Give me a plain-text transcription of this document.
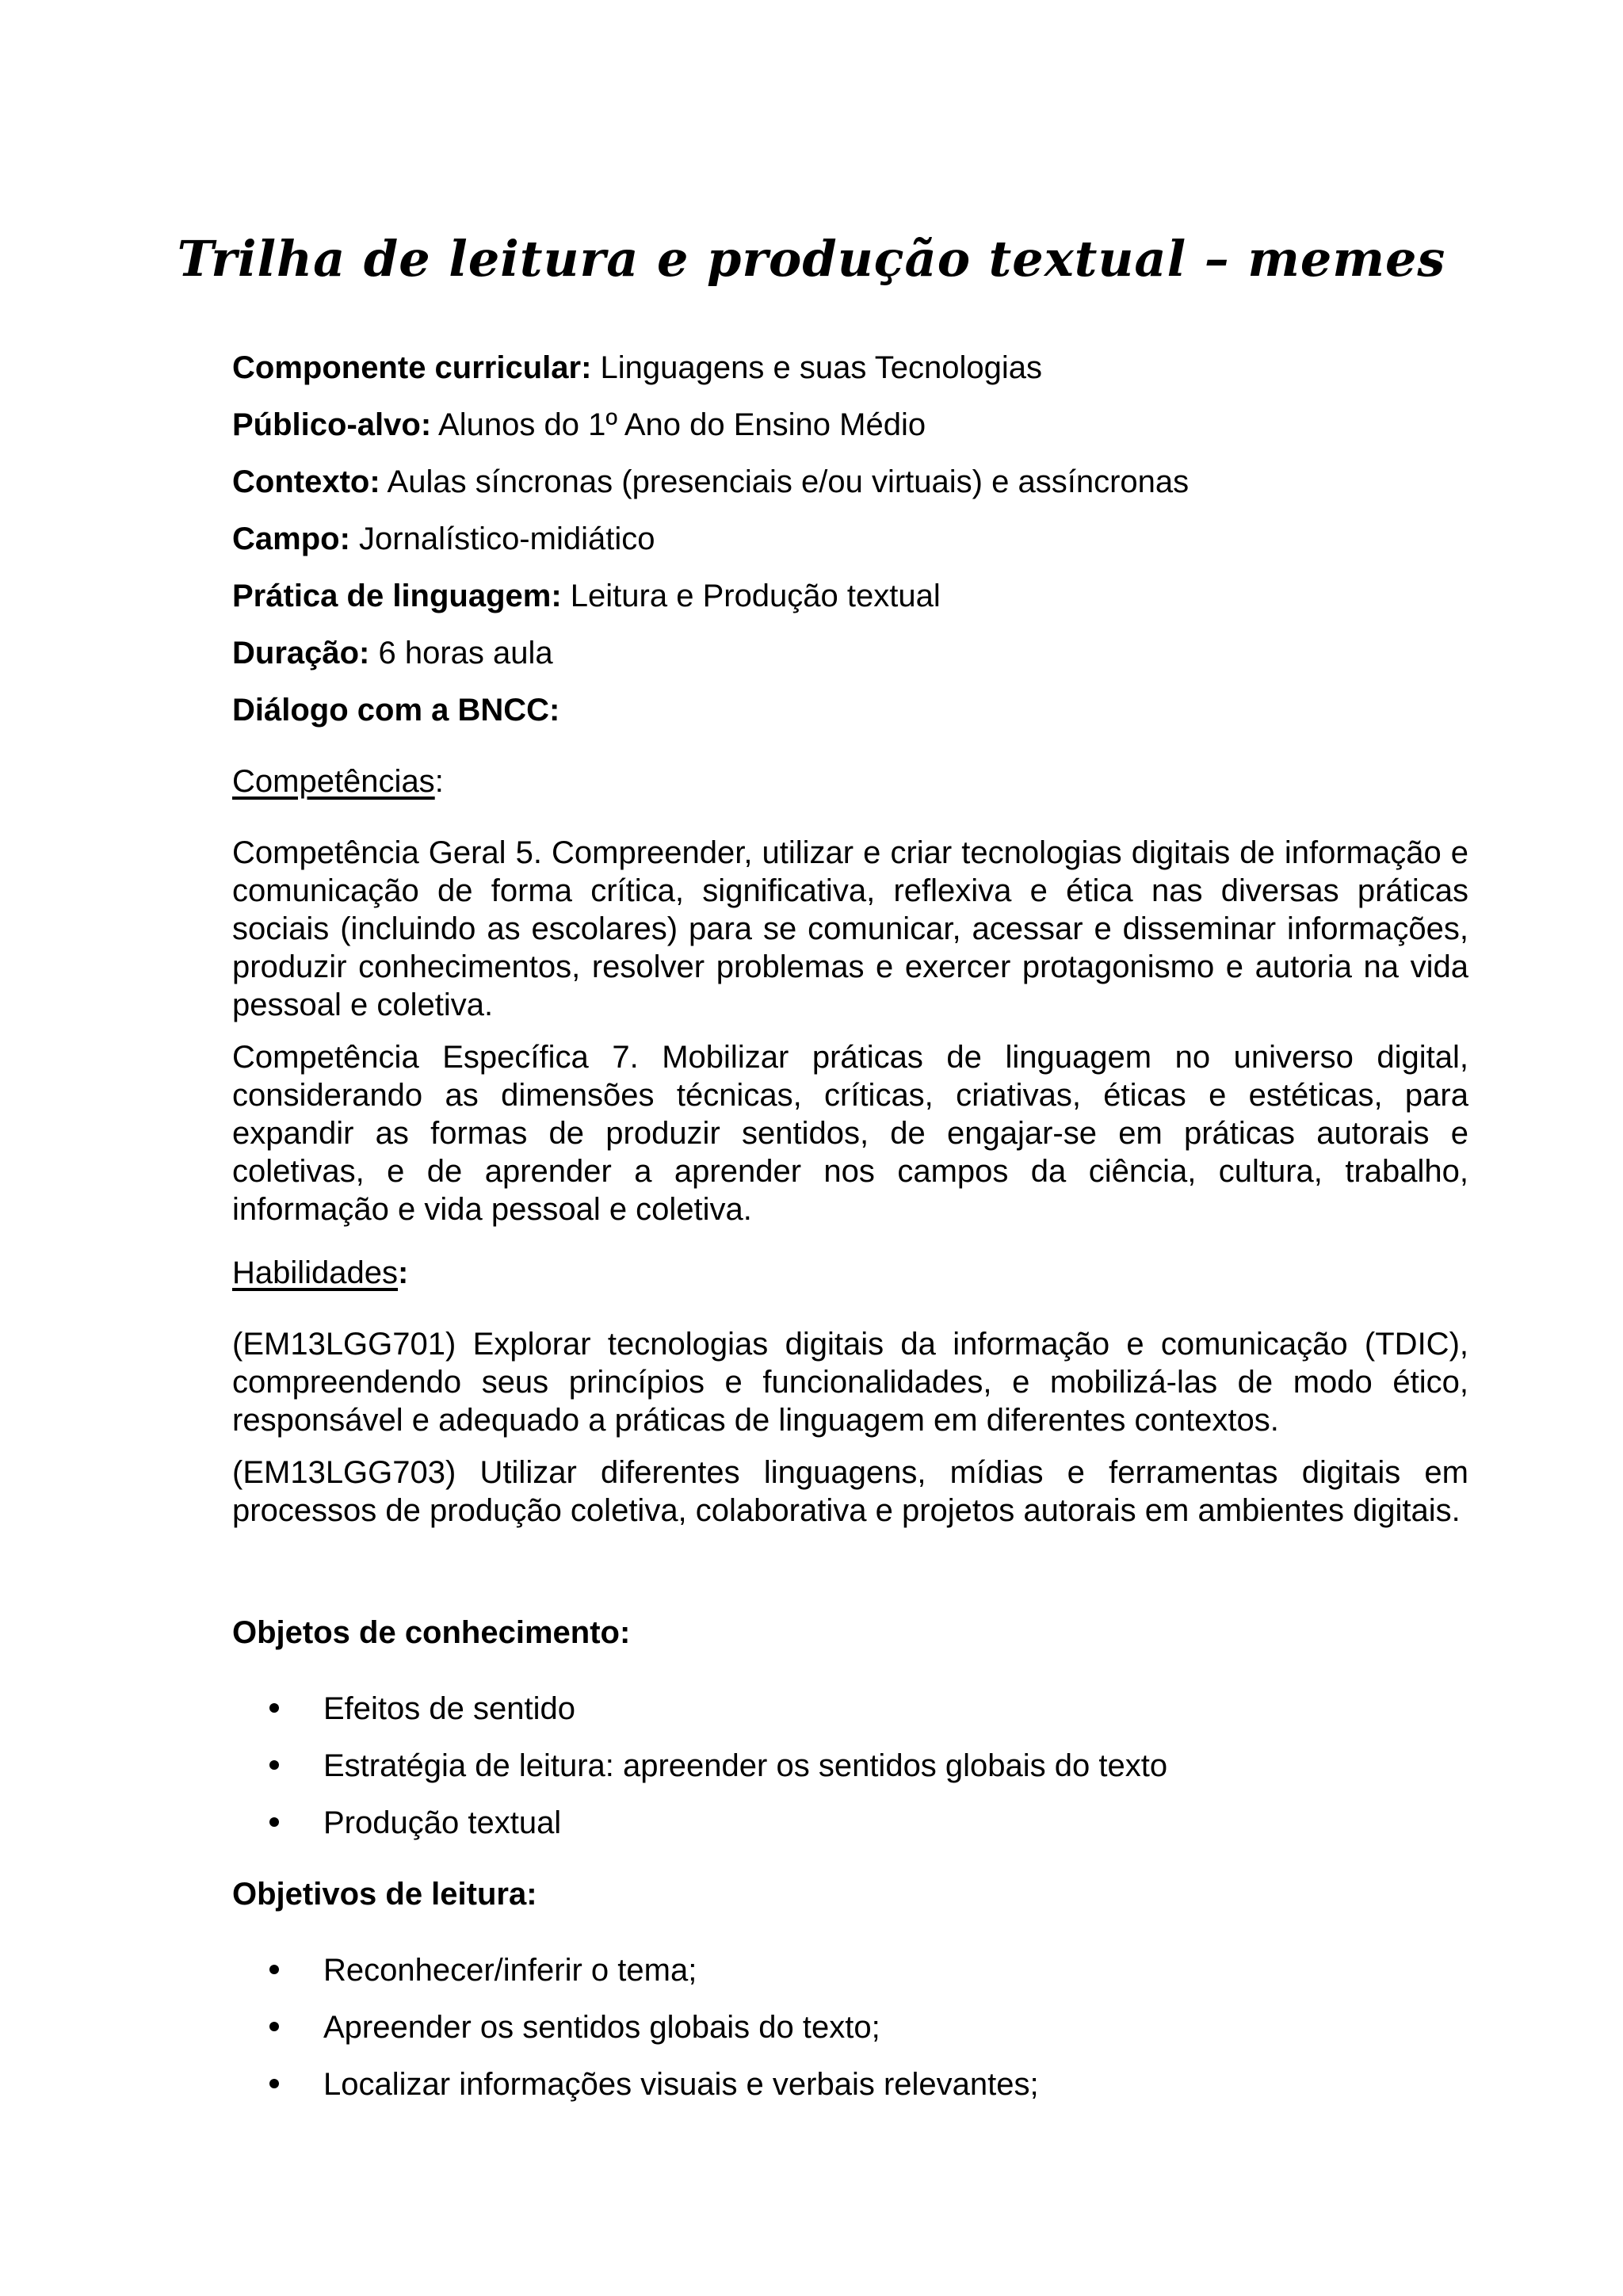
Trilha de leitura e produção textual – memes
Componente curricular: Linguagens e suas Tecnologias
Público-alvo: Alunos do 1º Ano do Ensino Médio
Contexto: Aulas síncronas (presenciais e/ou virtuais) e assíncronas
Campo: Jornalístico-midiático
Prática de linguagem: Leitura e Produção textual
Duração: 6 horas aula
Diálogo com a BNCC:
Competências:
Competência Geral 5. Compreender, utilizar e criar tecnologias digitais de informação e comunicação de forma crítica, significativa, reflexiva e ética nas diversas práticas sociais (incluindo as escolares) para se comunicar, acessar e disseminar informações, produzir conhecimentos, resolver problemas e exercer protagonismo e autoria na vida pessoal e coletiva.
Competência Específica 7. Mobilizar práticas de linguagem no universo digital, considerando as dimensões técnicas, críticas, criativas, éticas e estéticas, para expandir as formas de produzir sentidos, de engajar-se em práticas autorais e coletivas, e de aprender a aprender nos campos da ciência, cultura, trabalho, informação e vida pessoal e coletiva.
Habilidades:
(EM13LGG701) Explorar tecnologias digitais da informação e comunicação (TDIC), compreendendo seus princípios e funcionalidades, e mobilizá-las de modo ético, responsável e adequado a práticas de linguagem em diferentes contextos.
(EM13LGG703) Utilizar diferentes linguagens, mídias e ferramentas digitais em processos de produção coletiva, colaborativa e projetos autorais em ambientes digitais.
Objetos de conhecimento:
Efeitos de sentido
Estratégia de leitura: apreender os sentidos globais do texto
Produção textual
Objetivos de leitura:
Reconhecer/inferir o tema;
Apreender os sentidos globais do texto;
Localizar informações visuais e verbais relevantes;
